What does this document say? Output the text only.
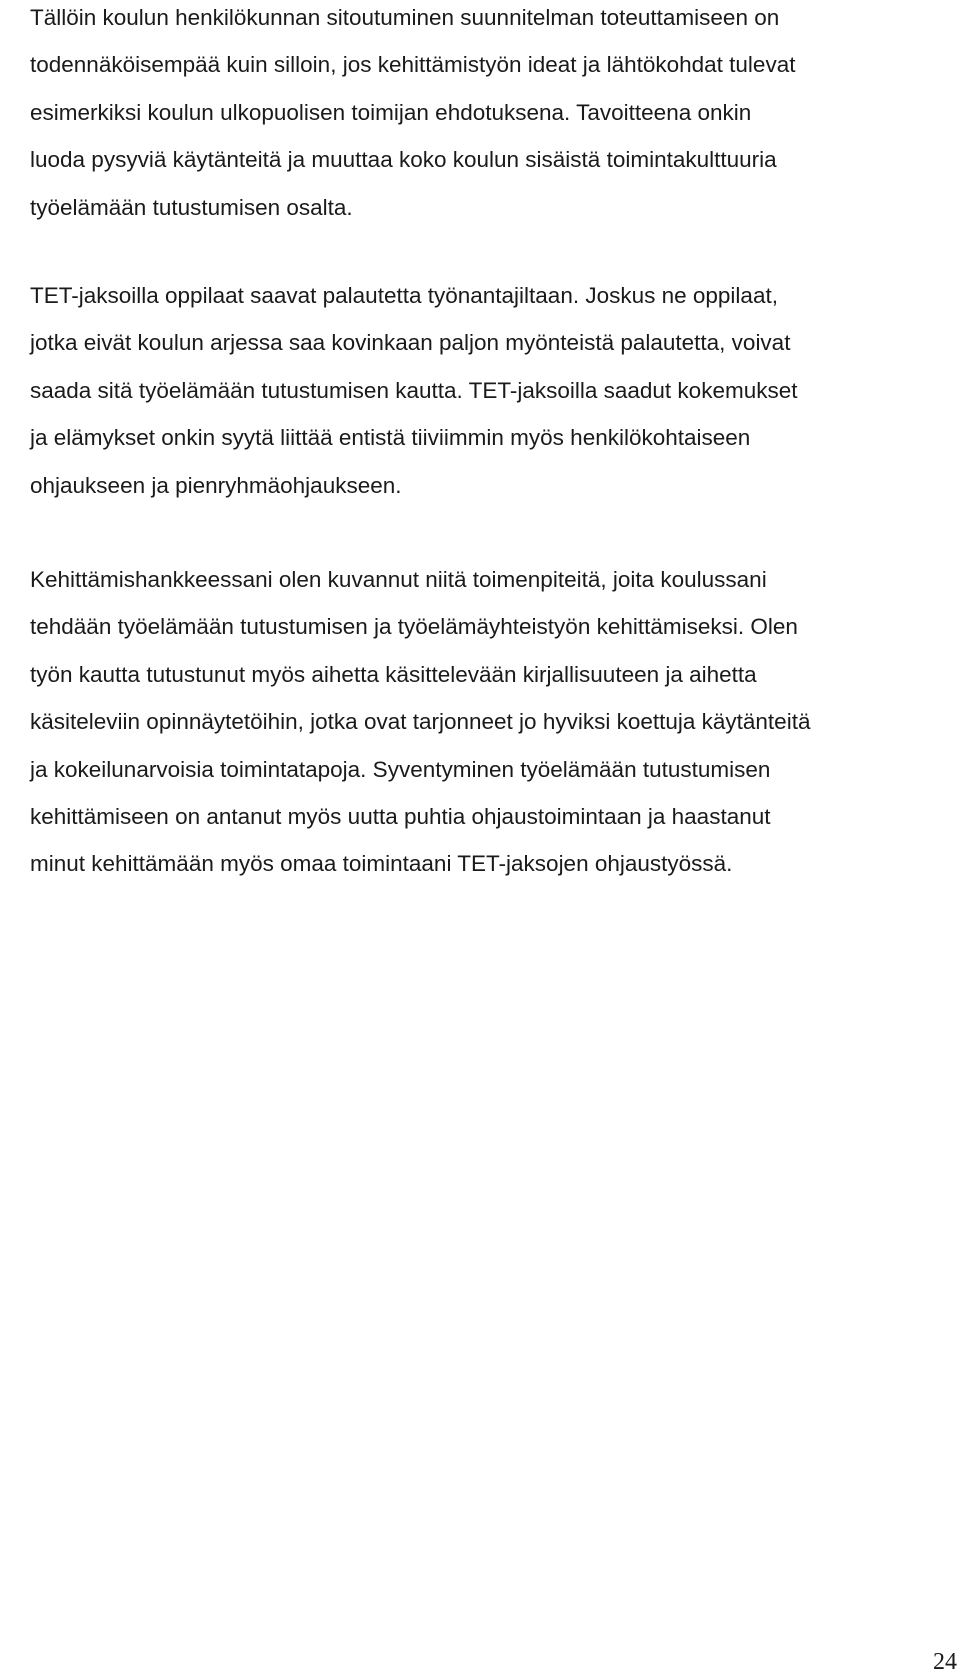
Tällöin koulun henkilökunnan sitoutuminen suunnitelman toteuttamiseen on
todennäköisempää kuin silloin, jos kehittämistyön ideat ja lähtökohdat tulevat
esimerkiksi koulun ulkopuolisen toimijan ehdotuksena. Tavoitteena onkin
luoda pysyviä käytänteitä ja muuttaa koko koulun sisäistä toimintakulttuuria
työelämään tutustumisen osalta.

TET-jaksoilla oppilaat saavat palautetta työnantajiltaan. Joskus ne oppilaat,
jotka eivät koulun arjessa saa kovinkaan paljon myönteistä palautetta, voivat
saada sitä työelämään tutustumisen kautta. TET-jaksoilla saadut kokemukset
ja elämykset onkin syytä liittää entistä tiiviimmin myös henkilökohtaiseen
ohjaukseen ja pienryhmäohjaukseen.

Kehittämishankkeessani olen kuvannut niitä toimenpiteitä, joita koulussani
tehdään työelämään tutustumisen ja työelämäyhteistyön kehittämiseksi. Olen
työn kautta tutustunut myös aihetta käsittelevään kirjallisuuteen ja aihetta
käsiteleviin opinnäytetöihin, jotka ovat tarjonneet jo hyviksi koettuja käytänteitä
ja kokeilunarvoisia toimintatapoja. Syventyminen työelämään tutustumisen
kehittämiseen on antanut myös uutta puhtia ohjaustoimintaan ja haastanut
minut kehittämään myös omaa toimintaani TET-jaksojen ohjaustyössä.

24
